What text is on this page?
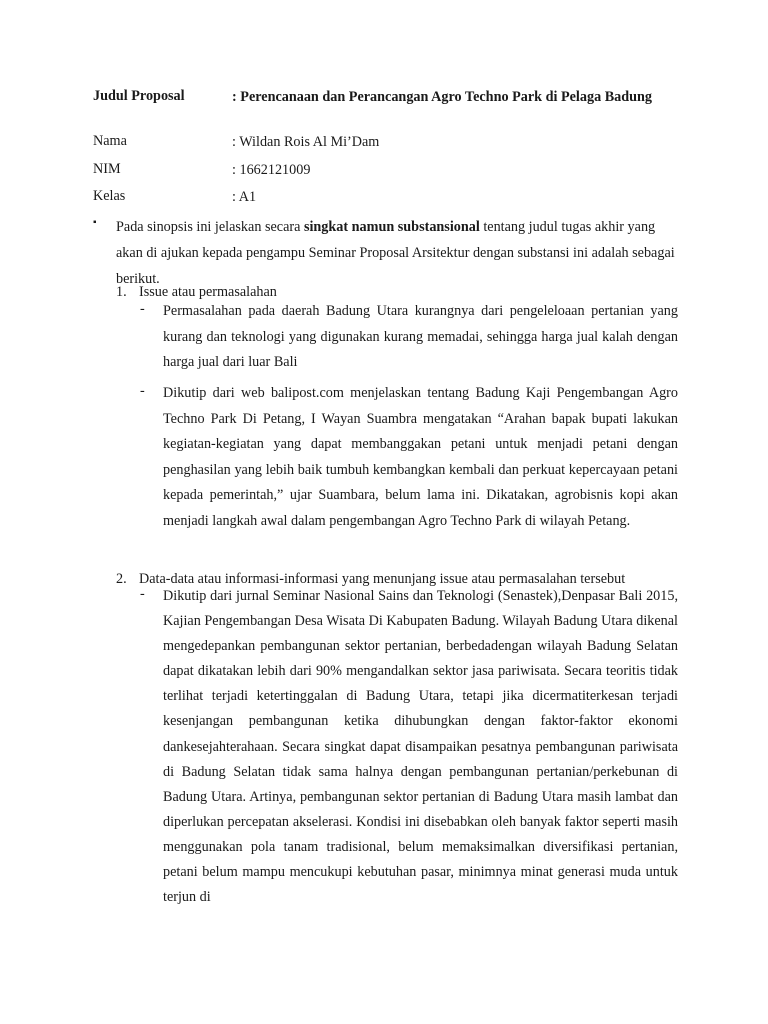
Judul Proposal	: Perencanaan dan Perancangan Agro Techno Park di Pelaga Badung
Nama	: Wildan Rois Al Mi’Dam
NIM	: 1662121009
Kelas	: A1
▪ Pada sinopsis ini jelaskan secara singkat namun substansional tentang judul tugas akhir yang akan di ajukan kepada pengampu Seminar Proposal Arsitektur dengan substansi ini adalah sebagai berikut.
1. Issue atau permasalahan
- Permasalahan pada daerah Badung Utara kurangnya dari pengeleloaan pertanian yang kurang dan teknologi yang digunakan kurang memadai, sehingga harga jual kalah dengan harga jual dari luar Bali
- Dikutip dari web balipost.com menjelaskan tentang Badung Kaji Pengembangan Agro Techno Park Di Petang, I Wayan Suambra mengatakan “Arahan bapak bupati lakukan kegiatan-kegiatan yang dapat membanggakan petani untuk menjadi petani dengan penghasilan yang lebih baik tumbuh kembangkan kembali dan perkuat kepercayaan petani kepada pemerintah,” ujar Suambara, belum lama ini. Dikatakan, agrobisnis kopi akan menjadi langkah awal dalam pengembangan Agro Techno Park di wilayah Petang.
2. Data-data atau informasi-informasi yang menunjang issue atau permasalahan tersebut
- Dikutip dari jurnal Seminar Nasional Sains dan Teknologi (Senastek),Denpasar Bali 2015, Kajian Pengembangan Desa Wisata Di Kabupaten Badung. Wilayah Badung Utara dikenal mengedepankan pembangunan sektor pertanian, berbedadengan wilayah Badung Selatan dapat dikatakan lebih dari 90% mengandalkan sektor jasa pariwisata. Secara teoritis tidak terlihat terjadi ketertinggalan di Badung Utara, tetapi jika dicermatiterkesan terjadi kesenjangan pembangunan ketika dihubungkan dengan faktor-faktor ekonomi dankesejahterahaan. Secara singkat dapat disampaikan pesatnya pembangunan pariwisata di Badung Selatan tidak sama halnya dengan pembangunan pertanian/perkebunan di Badung Utara. Artinya, pembangunan sektor pertanian di Badung Utara masih lambat dan diperlukan percepatan akselerasi. Kondisi ini disebabkan oleh banyak faktor seperti masih menggunakan pola tanam tradisional, belum memaksimalkan diversifikasi pertanian, petani belum mampu mencukupi kebutuhan pasar, minimnya minat generasi muda untuk terjun di
